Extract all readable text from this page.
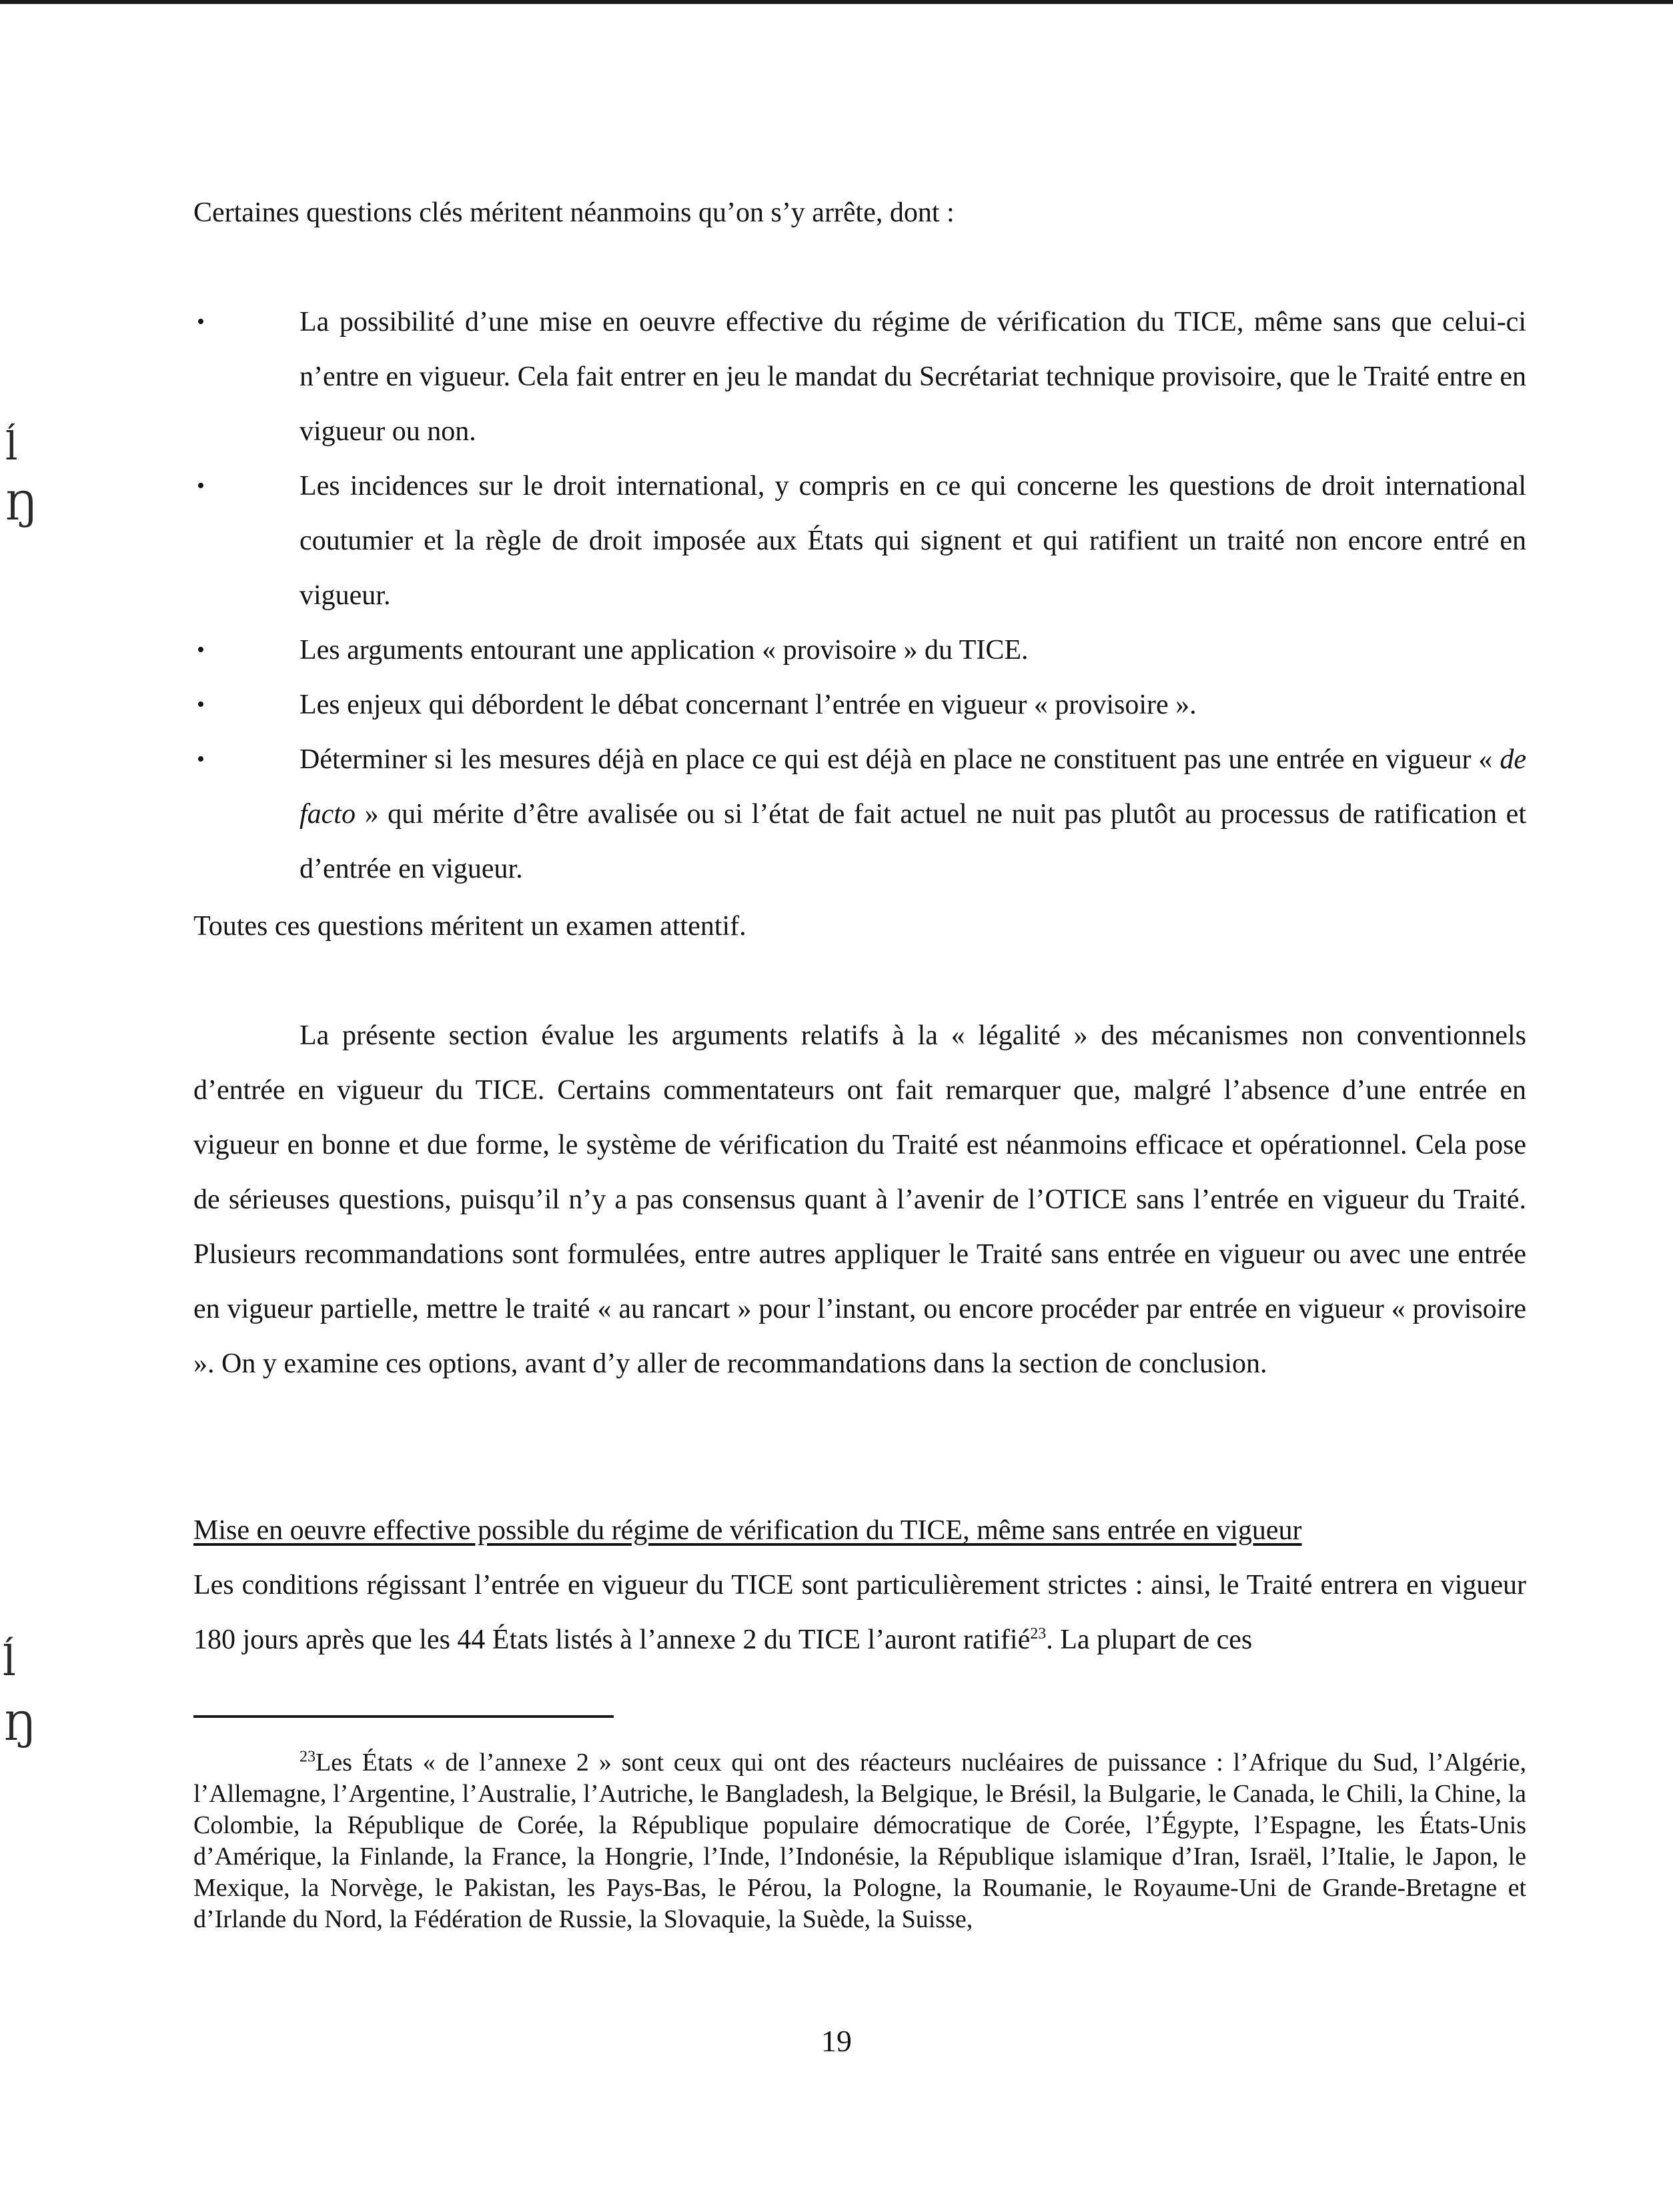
ĺ
Ŋ
ĺ
Ŋ

Certaines questions clés méritent néanmoins qu’on s’y arrête, dont :

• La possibilité d’une mise en oeuvre effective du régime de vérification du TICE, même sans que celui-ci n’entre en vigueur. Cela fait entrer en jeu le mandat du Secrétariat technique provisoire, que le Traité entre en vigueur ou non.
• Les incidences sur le droit international, y compris en ce qui concerne les questions de droit international coutumier et la règle de droit imposée aux États qui signent et qui ratifient un traité non encore entré en vigueur.
• Les arguments entourant une application « provisoire » du TICE.
• Les enjeux qui débordent le débat concernant l’entrée en vigueur « provisoire ».
• Déterminer si les mesures déjà en place ce qui est déjà en place ne constituent pas une entrée en vigueur « de facto » qui mérite d’être avalisée ou si l’état de fait actuel ne nuit pas plutôt au processus de ratification et d’entrée en vigueur.

Toutes ces questions méritent un examen attentif.

La présente section évalue les arguments relatifs à la « légalité » des mécanismes non conventionnels d’entrée en vigueur du TICE. Certains commentateurs ont fait remarquer que, malgré l’absence d’une entrée en vigueur en bonne et due forme, le système de vérification du Traité est néanmoins efficace et opérationnel. Cela pose de sérieuses questions, puisqu’il n’y a pas consensus quant à l’avenir de l’OTICE sans l’entrée en vigueur du Traité. Plusieurs recommandations sont formulées, entre autres appliquer le Traité sans entrée en vigueur ou avec une entrée en vigueur partielle, mettre le traité « au rancart » pour l’instant, ou encore procéder par entrée en vigueur « provisoire ». On y examine ces options, avant d’y aller de recommandations dans la section de conclusion.

Mise en oeuvre effective possible du régime de vérification du TICE, même sans entrée en vigueur

Les conditions régissant l’entrée en vigueur du TICE sont particulièrement strictes : ainsi, le Traité entrera en vigueur 180 jours après que les 44 États listés à l’annexe 2 du TICE l’auront ratifié$^{23}$. La plupart de ces

$^{23}$Les États « de l’annexe 2 » sont ceux qui ont des réacteurs nucléaires de puissance : l’Afrique du Sud, l’Algérie, l’Allemagne, l’Argentine, l’Australie, l’Autriche, le Bangladesh, la Belgique, le Brésil, la Bulgarie, le Canada, le Chili, la Chine, la Colombie, la République de Corée, la République populaire démocratique de Corée, l’Égypte, l’Espagne, les États-Unis d’Amérique, la Finlande, la France, la Hongrie, l’Inde, l’Indonésie, la République islamique d’Iran, Israël, l’Italie, le Japon, le Mexique, la Norvège, le Pakistan, les Pays-Bas, le Pérou, la Pologne, la Roumanie, le Royaume-Uni de Grande-Bretagne et d’Irlande du Nord, la Fédération de Russie, la Slovaquie, la Suède, la Suisse,

19
